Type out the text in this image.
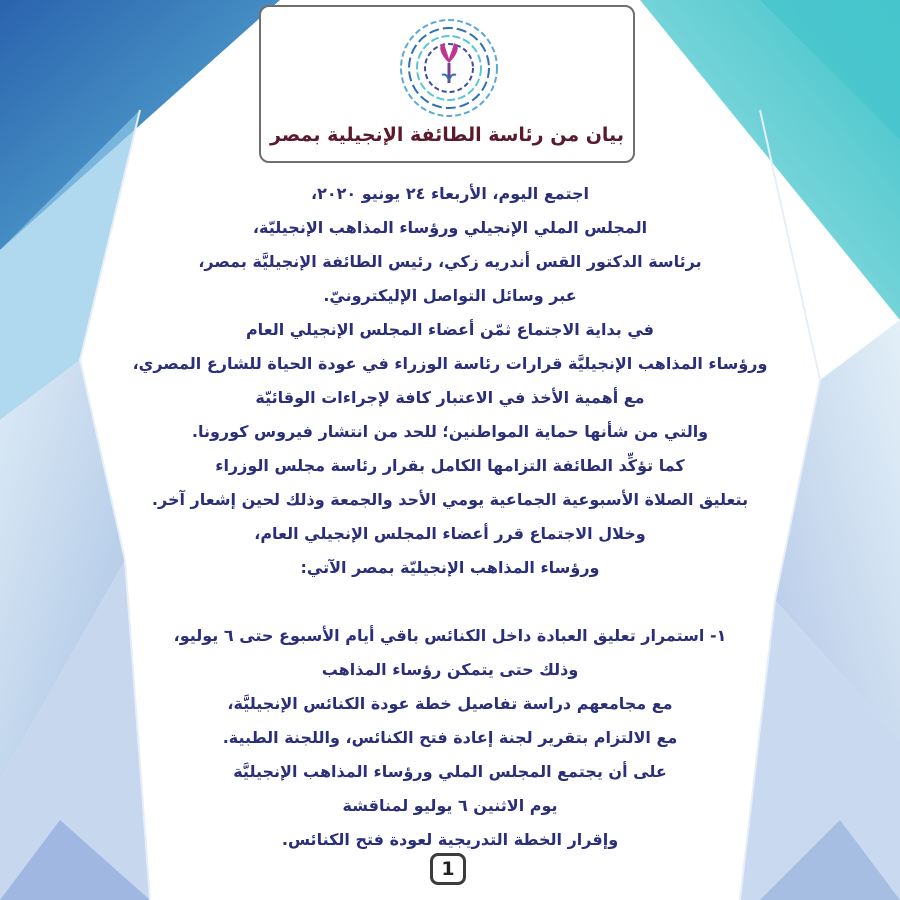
بيان من رئاسة الطائفة الإنجيلية بمصر
اجتمع اليوم، الأربعاء ٢٤ يونيو ٢٠٢٠،
المجلس الملي الإنجيلي ورؤساء المذاهب الإنجيليّة،
برئاسة الدكتور القس أندريه زكي، رئيس الطائفة الإنجيليَّة بمصر،
عبر وسائل التواصل الإليكترونيّ.
في بداية الاجتماع ثمّن أعضاء المجلس الإنجيلي العام
ورؤساء المذاهب الإنجيليَّة قرارات رئاسة الوزراء في عودة الحياة للشارع المصري،
مع أهمية الأخذ في الاعتبار كافة لإجراءات الوقائيّة
والتي من شأنها حماية المواطنين؛ للحد من انتشار فيروس كورونا.
كما تؤكِّد الطائفة التزامها الكامل بقرار رئاسة مجلس الوزراء
بتعليق الصلاة الأسبوعية الجماعية يومي الأحد والجمعة وذلك لحين إشعار آخر.
وخلال الاجتماع قرر أعضاء المجلس الإنجيلي العام،
ورؤساء المذاهب الإنجيليّة بمصر الآتي:
١- استمرار تعليق العبادة داخل الكنائس باقي أيام الأسبوع حتى ٦ يوليو،
وذلك حتى يتمكن رؤساء المذاهب
مع مجامعهم دراسة تفاصيل خطة عودة الكنائس الإنجيليَّة،
مع الالتزام بتقرير لجنة إعادة فتح الكنائس، واللجنة الطبية.
على أن يجتمع المجلس الملي ورؤساء المذاهب الإنجيليَّة
يوم الاثنين ٦ يوليو لمناقشة
وإقرار الخطة التدريجية لعودة فتح الكنائس.
1
